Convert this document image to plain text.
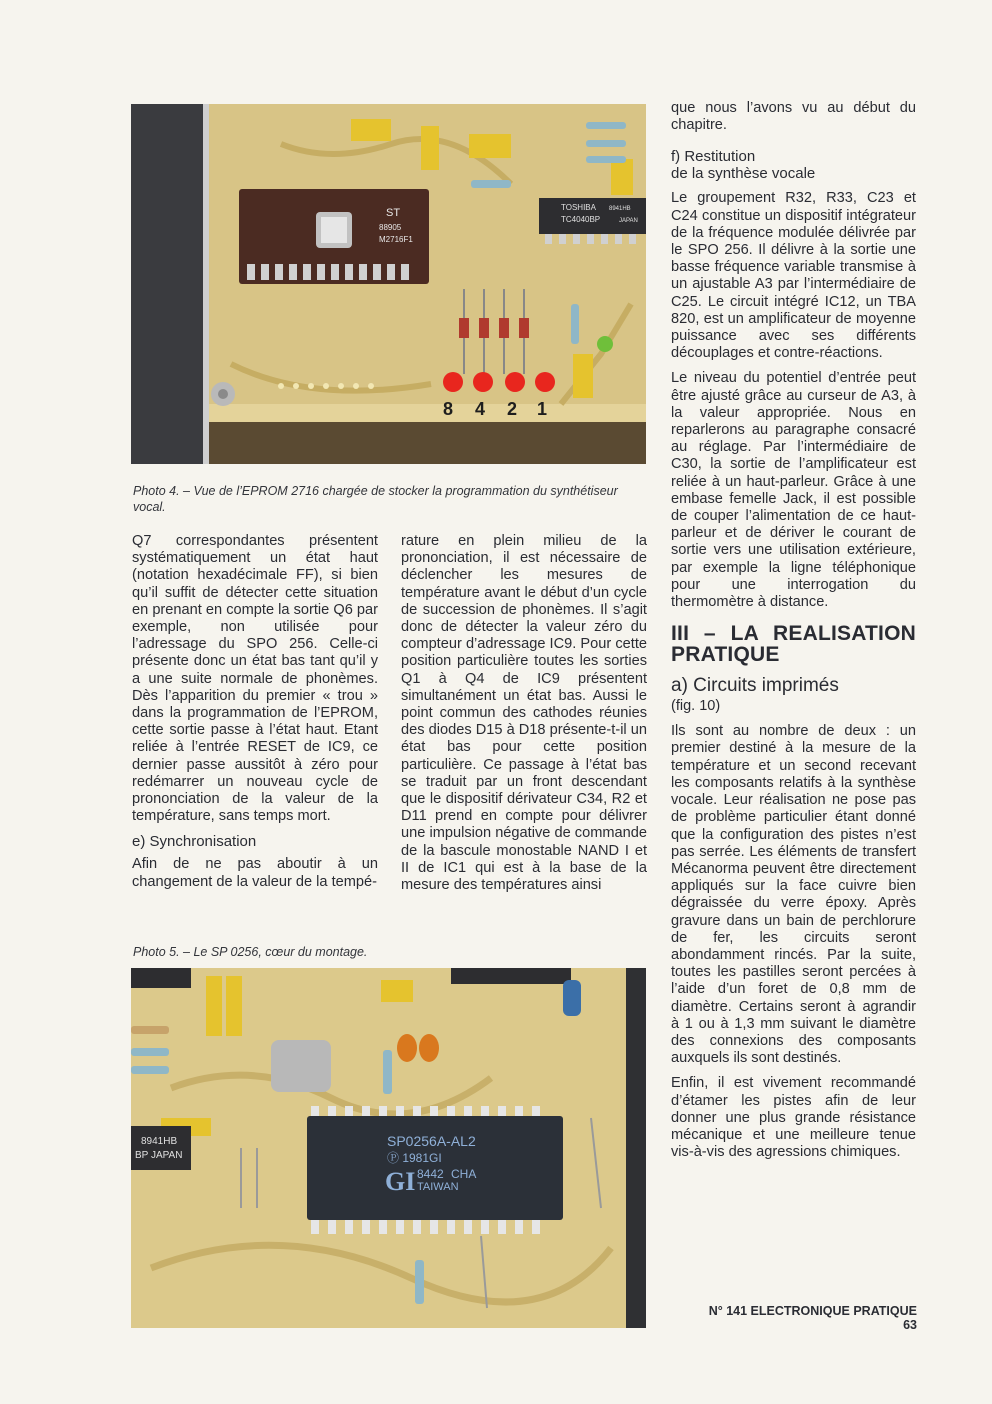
ST
88905
M2716F1
TOSHIBA 8941HB
TC4040BP	JAPAN
8 4 2 1
Photo 4. – Vue de l’EPROM 2716 chargée de stocker la programmation du synthétiseur vocal.

Q7 correspondantes présentent systématiquement un état haut (notation hexadécimale FF), si bien qu’il suffit de détecter cette situation en prenant en compte la sortie Q6 par exemple, non utilisée pour l’adressage du SPO 256. Celle-ci présente donc un état bas tant qu’il y a une suite normale de phonèmes. Dès l’apparition du premier « trou » dans la programmation de l’EPROM, cette sortie passe à l’état haut. Etant reliée à l’entrée RESET de IC9, ce dernier passe aussitôt à zéro pour redémarrer un nouveau cycle de prononciation de la valeur de la température, sans temps mort.

e) Synchronisation

Afin de ne pas aboutir à un changement de la valeur de la tempé-

rature en plein milieu de la prononciation, il est nécessaire de déclencher les mesures de température avant le début d’un cycle de succession de phonèmes. Il s’agit donc de détecter la valeur zéro du compteur d’adressage IC9. Pour cette position particulière toutes les sorties Q1 à Q4 de IC9 présentent simultanément un état bas. Aussi le point commun des cathodes réunies des diodes D15 à D18 présente-t-il un état bas pour cette position particulière. Ce passage à l’état bas se traduit par un front descendant que le dispositif dérivateur C34, R2 et D11 prend en compte pour délivrer une impulsion négative de commande de la bascule monostable NAND I et II de IC1 qui est à la base de la mesure des températures ainsi

Photo 5. – Le SP 0256, cœur du montage.
8941HB
BP JAPAN
SP0256A-AL2
Ⓟ 1981GI
GI 8442 CHA
TAIWAN

que nous l’avons vu au début du chapitre.

f) Restitution
de la synthèse vocale

Le groupement R32, R33, C23 et C24 constitue un dispositif intégrateur de la fréquence modulée délivrée par le SPO 256. Il délivre à la sortie une basse fréquence variable transmise à un ajustable A3 par l’intermédiaire de C25. Le circuit intégré IC12, un TBA 820, est un amplificateur de moyenne puissance avec ses différents découplages et contre-réactions.

Le niveau du potentiel d’entrée peut être ajusté grâce au curseur de A3, à la valeur appropriée. Nous en reparlerons au paragraphe consacré au réglage. Par l’intermédiaire de C30, la sortie de l’amplificateur est reliée à un haut-parleur. Grâce à une embase femelle Jack, il est possible de couper l’alimentation de ce haut-parleur et de dériver le courant de sortie vers une utilisation extérieure, par exemple la ligne téléphonique pour une interrogation du thermomètre à distance.

III – LA REALISATION PRATIQUE
a) Circuits imprimés
(fig. 10)

Ils sont au nombre de deux : un premier destiné à la mesure de la température et un second recevant les composants relatifs à la synthèse vocale. Leur réalisation ne pose pas de problème particulier étant donné que la configuration des pistes n’est pas serrée. Les éléments de transfert Mécanorma peuvent être directement appliqués sur la face cuivre bien dégraissée du verre époxy. Après gravure dans un bain de perchlorure de fer, les circuits seront abondamment rincés. Par la suite, toutes les pastilles seront percées à l’aide d’un foret de 0,8 mm de diamètre. Certains seront à agrandir à 1 ou à 1,3 mm suivant le diamètre des connexions des composants auxquels ils sont destinés.

Enfin, il est vivement recommandé d’étamer les pistes afin de leur donner une plus grande résistance mécanique et une meilleure tenue vis-à-vis des agressions chimiques.

N° 141 ELECTRONIQUE PRATIQUE 63
